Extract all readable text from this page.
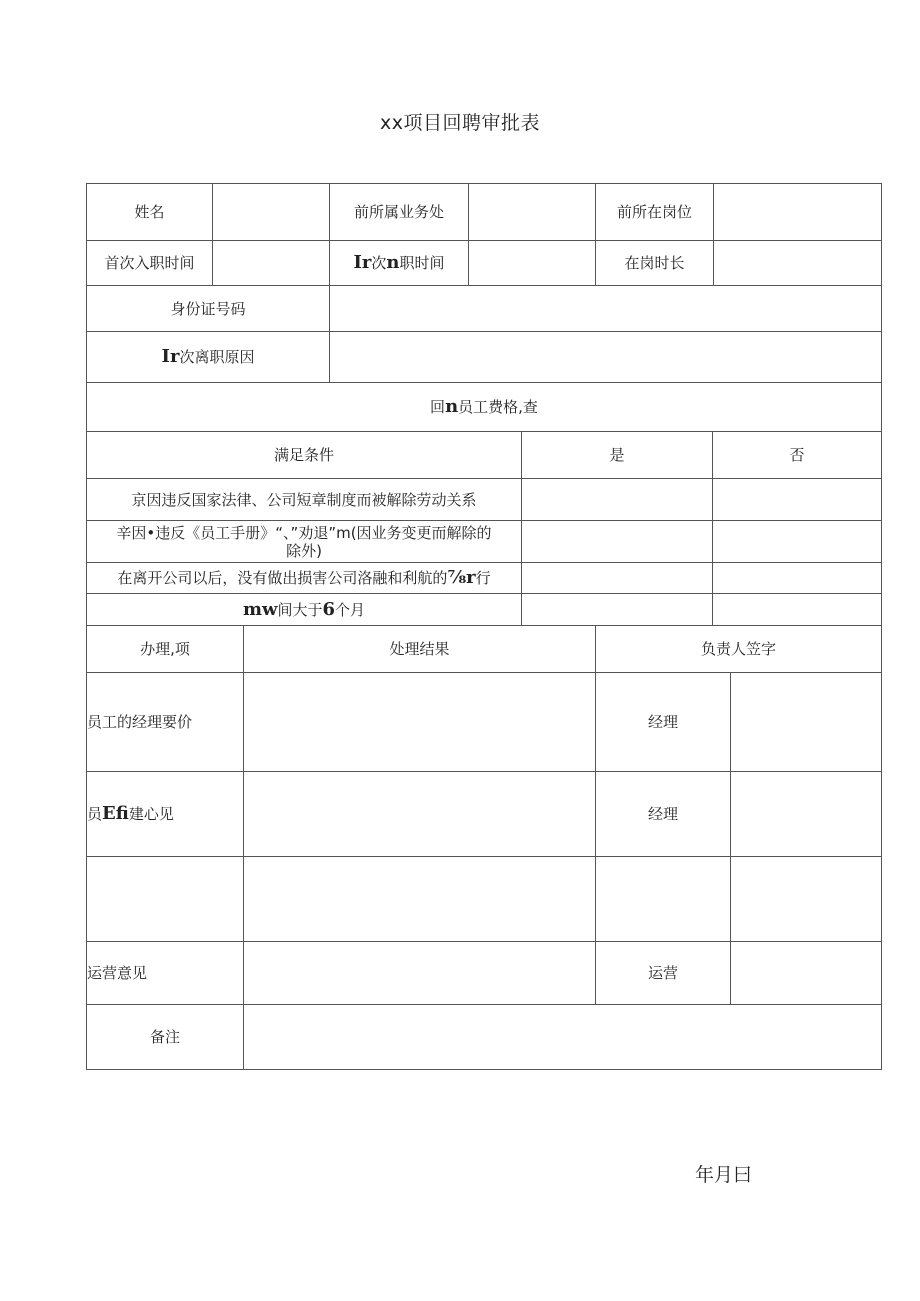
xx项目回聘审批表
姓名	前所属业务处	前所在岗位
首次入职时间	Ir 次 n 职时间	在岗时长
身份证号码
Ir 次离职原因
回 n 员工费格,查
满足条件	是	否
京因违反国家法律、公司短章制度而被解除劳动关系
辛因•违反《员工手册》“、”劝退”m(因业务变更而解除的
除外)
在离开公司以后，没有做出损害公司洛融和利航的 ⅞r 行
mw 间大于 6 个月
办理,项	处理结果	负责人笠字
员工的经理要价	经理
员 Efi 建心见	经理
运营意见	运营
备注
年月曰
